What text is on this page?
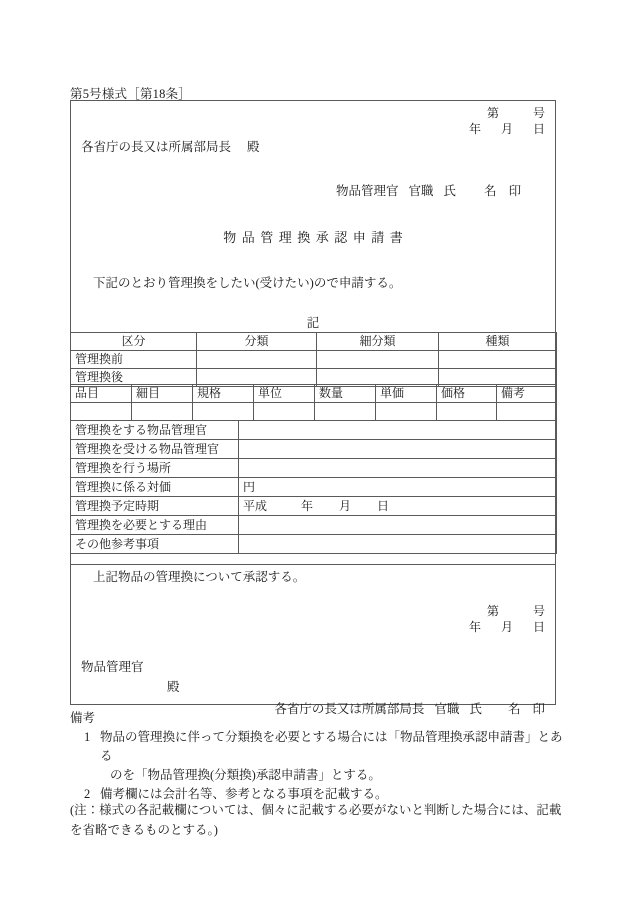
第5号様式［第18条］
第	号
年 月 日
各省庁の長又は所属部局長 殿
物品管理官 官職 氏 名 印
物品管理換承認申請書
下記のとおり管理換をしたい(受けたい)ので申請する。
記
区分	分類	細分類	種類
管理換前			
管理換後			
品目	細目	規格	単位	数量	単価	価格	備考

管理換をする物品管理官	
管理換を受ける物品管理官	
管理換を行う場所	
管理換に係る対価	円
管理換予定時期	平成 年 月 日
管理換を必要とする理由	
その他参考事項	
上記物品の管理換について承認する。
第	号
年 月 日
物品管理官
殿
各省庁の長又は所属部局長 官職 氏 名 印
備考
1 物品の管理換に伴って分類換を必要とする場合には「物品管理換承認申請書」とある
のを「物品管理換(分類換)承認申請書」とする。
2 備考欄には会計名等、参考となる事項を記載する。
(注：様式の各記載欄については、個々に記載する必要がないと判断した場合には、記載を省略できるものとする。)
